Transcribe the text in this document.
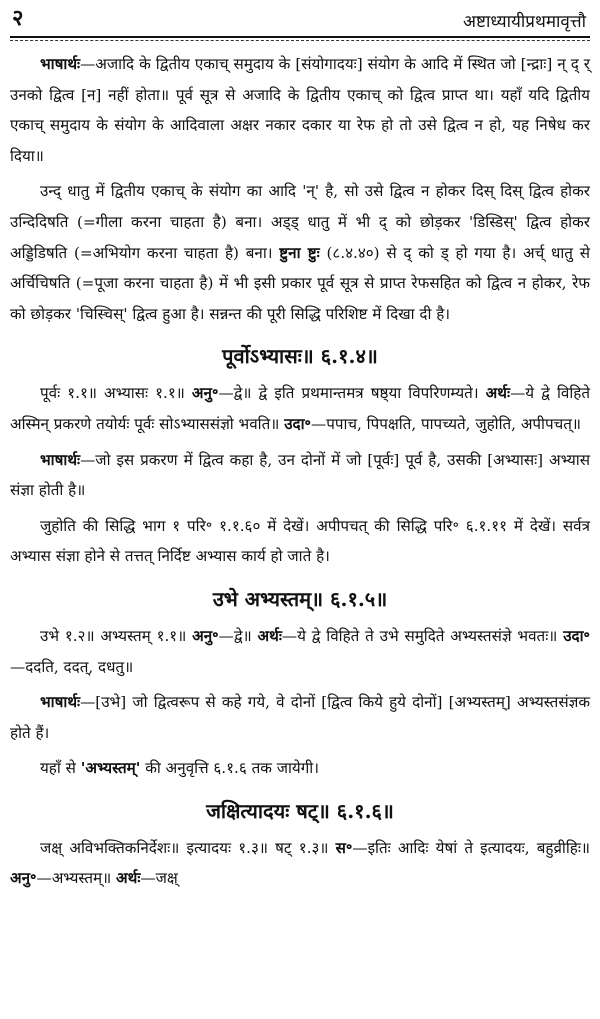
२	अष्टाध्यायीप्रथमावृत्तौ

भाषार्थः—अजादि के द्वितीय एकाच् समुदाय के [संयोगादयः] संयोग के आदि में स्थित जो [न्द्राः] न् द् र् उनको द्वित्व [न] नहीं होता॥ पूर्व सूत्र से अजादि के द्वितीय एकाच् को द्वित्व प्राप्त था। यहाँ यदि द्वितीय एकाच् समुदाय के संयोग के आदिवाला अक्षर नकार दकार या रेफ हो तो उसे द्वित्व न हो, यह निषेध कर दिया॥

उन्द् धातु में द्वितीय एकाच् के संयोग का आदि 'न्' है, सो उसे द्वित्व न होकर दिस् दिस् द्वित्व होकर उन्दिदिषति (=गीला करना चाहता है) बना। अड्ड् धातु में भी द् को छोड़कर 'डिस्डिस्' द्वित्व होकर अड्डिडिषति (=अभियोग करना चाहता है) बना। ष्टुना ष्टुः (८.४.४०) से द् को ड् हो गया है। अर्च् धातु से अर्चिचिषति (=पूजा करना चाहता है) में भी इसी प्रकार पूर्व सूत्र से प्राप्त रेफसहित को द्वित्व न होकर, रेफ को छोड़कर 'चिस्चिस्' द्वित्व हुआ है। सन्नन्त की पूरी सिद्धि परिशिष्ट में दिखा दी है।

पूर्वोऽभ्यासः॥ ६.१.४॥

पूर्वः १.१॥ अभ्यासः १.१॥ अनु॰—द्वे॥ द्वे इति प्रथमान्तमत्र षष्ठ्या विपरिणम्यते। अर्थः—ये द्वे विहिते अस्मिन् प्रकरणे तयोर्यः पूर्वः सोऽभ्याससंज्ञो भवति॥ उदा॰—पपाच, पिपक्षति, पापच्यते, जुहोति, अपीपचत्॥

भाषार्थः—जो इस प्रकरण में द्वित्व कहा है, उन दोनों में जो [पूर्वः] पूर्व है, उसकी [अभ्यासः] अभ्यास संज्ञा होती है॥

जुहोति की सिद्धि भाग १ परि॰ १.१.६० में देखें। अपीपचत् की सिद्धि परि॰ ६.१.११ में देखें। सर्वत्र अभ्यास संज्ञा होने से तत्तत् निर्दिष्ट अभ्यास कार्य हो जाते है।

उभे अभ्यस्तम्॥ ६.१.५॥

उभे १.२॥ अभ्यस्तम् १.१॥ अनु॰—द्वे॥ अर्थः—ये द्वे विहिते ते उभे समुदिते अभ्यस्तसंज्ञे भवतः॥ उदा॰—ददति, ददत्, दधतु॥

भाषार्थः—[उभे] जो द्वित्वरूप से कहे गये, वे दोनों [द्वित्व किये हुये दोनों] [अभ्यस्तम्] अभ्यस्तसंज्ञक होते हैं।

यहाँ से 'अभ्यस्तम्' की अनुवृत्ति ६.१.६ तक जायेगी।

जक्षित्यादयः षट्॥ ६.१.६॥

जक्ष् अविभक्तिकनिर्देशः॥ इत्यादयः १.३॥ षट् १.३॥ स॰—इतिः आदिः येषां ते इत्यादयः, बहुव्रीहिः॥ अनु॰—अभ्यस्तम्॥ अर्थः—जक्ष्
